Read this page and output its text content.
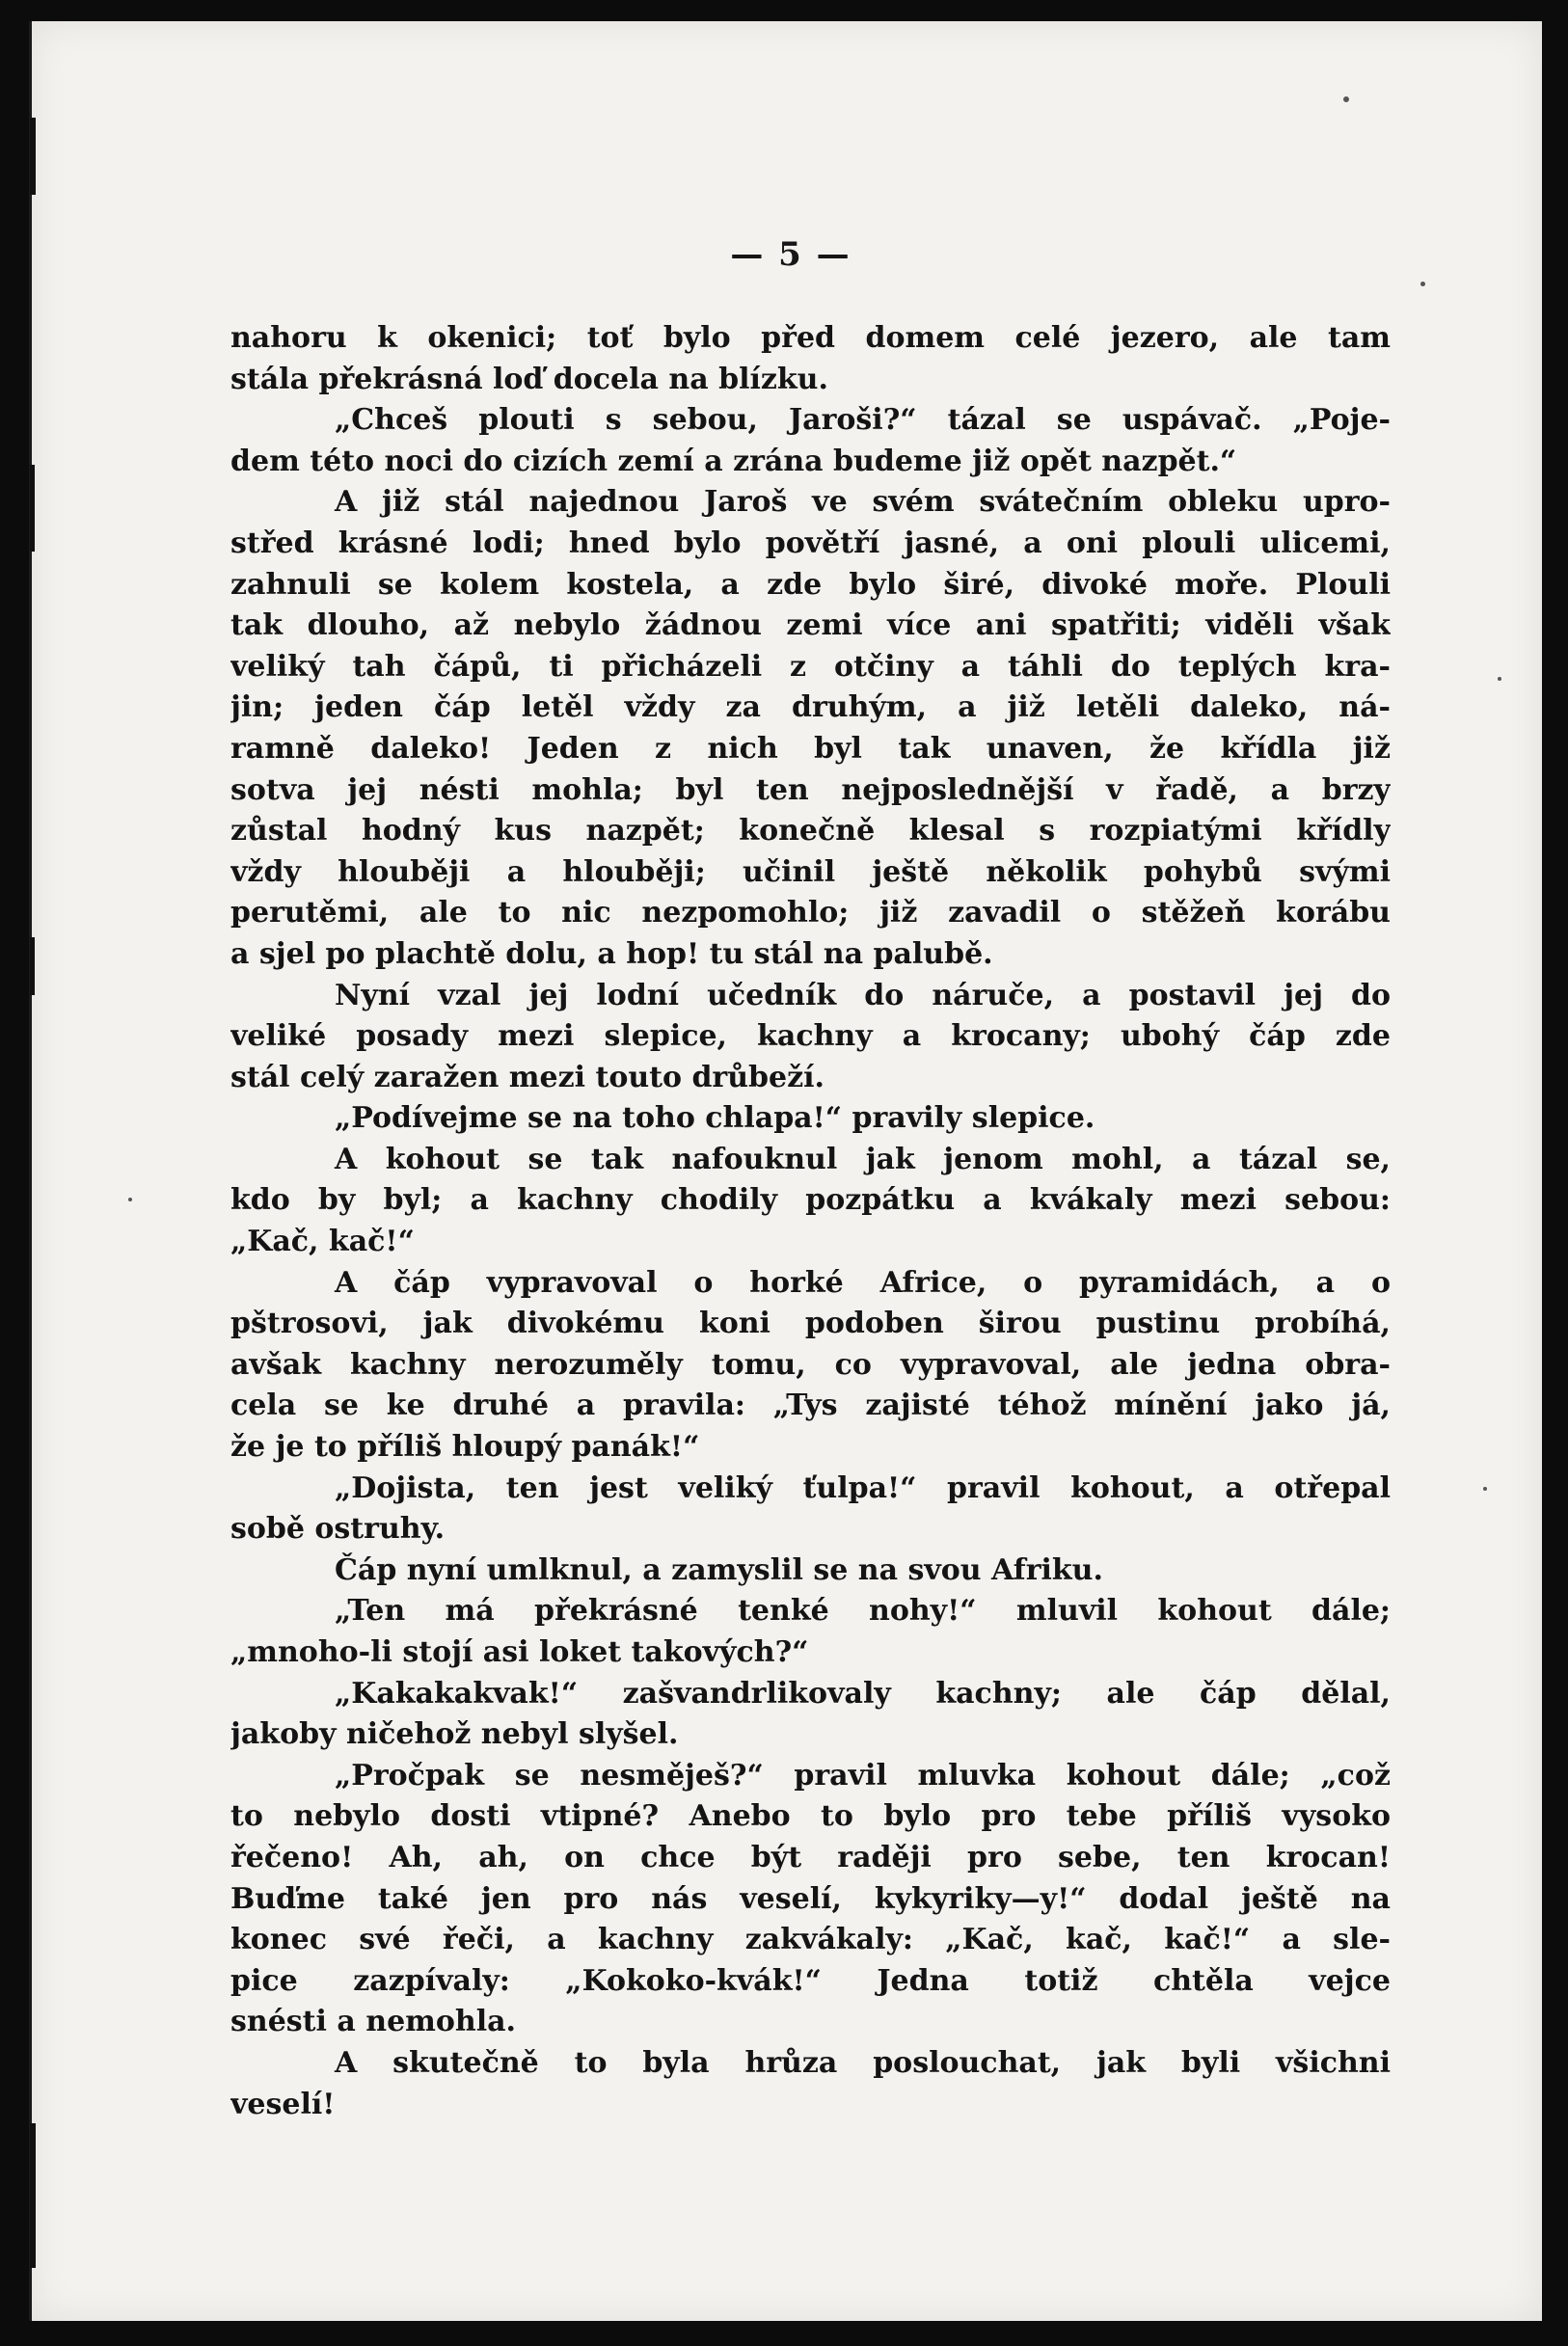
— 5 —
nahoru k okenici; toť bylo před domem celé jezero, ale tam
stála překrásná loď docela na blízku.
„Chceš plouti s sebou, Jaroši?“ tázal se uspávač. „Poje-
dem této noci do cizích zemí a zrána budeme již opět nazpět.“
A již stál najednou Jaroš ve svém svátečním obleku upro-
střed krásné lodi; hned bylo povětří jasné, a oni plouli ulicemi,
zahnuli se kolem kostela, a zde bylo širé, divoké moře. Plouli
tak dlouho, až nebylo žádnou zemi více ani spatřiti; viděli však
veliký tah čápů, ti přicházeli z otčiny a táhli do teplých kra-
jin; jeden čáp letěl vždy za druhým, a již letěli daleko, ná-
ramně daleko! Jeden z nich byl tak unaven, že křídla již
sotva jej nésti mohla; byl ten nejposlednější v řadě, a brzy
zůstal hodný kus nazpět; konečně klesal s rozpiatými křídly
vždy hlouběji a hlouběji; učinil ještě několik pohybů svými
perutěmi, ale to nic nezpomohlo; již zavadil o stěžeň korábu
a sjel po plachtě dolu, a hop! tu stál na palubě.
Nyní vzal jej lodní učedník do náruče, a postavil jej do
veliké posady mezi slepice, kachny a krocany; ubohý čáp zde
stál celý zaražen mezi touto drůbeží.
„Podívejme se na toho chlapa!“ pravily slepice.
A kohout se tak nafouknul jak jenom mohl, a tázal se,
kdo by byl; a kachny chodily pozpátku a kvákaly mezi sebou:
„Kač, kač!“
A čáp vypravoval o horké Africe, o pyramidách, a o
pštrosovi, jak divokému koni podoben širou pustinu probíhá,
avšak kachny nerozuměly tomu, co vypravoval, ale jedna obra-
cela se ke druhé a pravila: „Tys zajisté téhož mínění jako já,
že je to příliš hloupý panák!“
„Dojista, ten jest veliký ťulpa!“ pravil kohout, a otřepal
sobě ostruhy.
Čáp nyní umlknul, a zamyslil se na svou Afriku.
„Ten má překrásné tenké nohy!“ mluvil kohout dále;
„mnoho-li stojí asi loket takových?“
„Kakakakvak!“ zašvandrlikovaly kachny; ale čáp dělal,
jakoby ničehož nebyl slyšel.
„Pročpak se nesměješ?“ pravil mluvka kohout dále; „což
to nebylo dosti vtipné? Anebo to bylo pro tebe příliš vysoko
řečeno! Ah, ah, on chce být raději pro sebe, ten krocan!
Buďme také jen pro nás veselí, kykyriky—y!“ dodal ještě na
konec své řeči, a kachny zakvákaly: „Kač, kač, kač!“ a sle-
pice zazpívaly: „Kokoko-kvák!“ Jedna totiž chtěla vejce
snésti a nemohla.
A skutečně to byla hrůza poslouchat, jak byli všichni
veselí!
